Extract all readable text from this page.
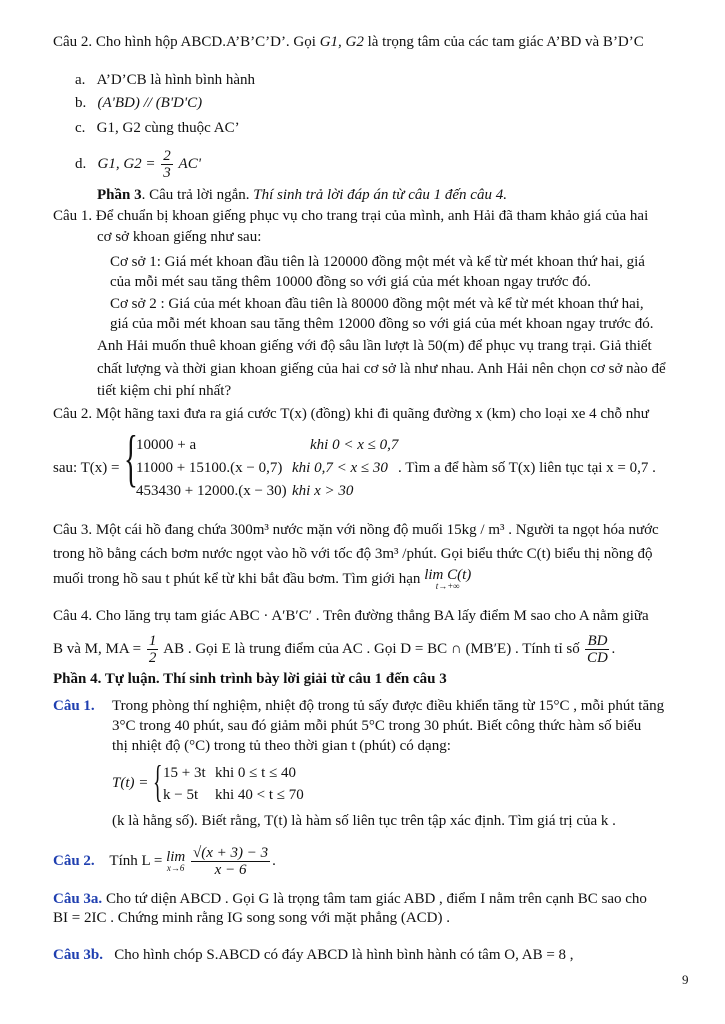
Câu 2. Cho hình hộp ABCD.A’B’C’D’. Gọi G1, G2 là trọng tâm của các tam giác A’BD và B’D’C
a. A’D’CB là hình bình hành
b. (A'BD) // (B'D'C)
c. G1, G2 cùng thuộc AC’
d. G1, $G2 = \frac{2}{3} AC'$
Phần 3. Câu trả lời ngắn. Thí sinh trả lời đáp án từ câu 1 đến câu 4.
Câu 1. Để chuẩn bị khoan giếng phục vụ cho trang trại của mình, anh Hải đã tham khảo giá của hai
cơ sở khoan giếng như sau:
Cơ sở 1: Giá mét khoan đầu tiên là 120000 đồng một mét và kể từ mét khoan thứ hai, giá
của mỗi mét sau tăng thêm 10000 đồng so với giá của mét khoan ngay trước đó.
Cơ sở 2 : Giá của mét khoan đầu tiên là 80000 đồng một mét và kể từ mét khoan thứ hai,
giá của mỗi mét khoan sau tăng thêm 12000 đồng so với giá của mét khoan ngay trước đó.
Anh Hải muốn thuê khoan giếng với độ sâu lần lượt là 50(m) để phục vụ trang trại. Giả thiết
chất lượng và thời gian khoan giếng của hai cơ sở là như nhau. Anh Hải nên chọn cơ sở nào để
tiết kiệm chi phí nhất?
Câu 2. Một hãng taxi đưa ra giá cước T(x) (đồng) khi đi quãng đường x (km) cho loại xe 4 chỗ như
sau: T(x) = {
10000 + a	khi 0 < x ≤ 0,7
11000 + 15100.(x − 0,7) khi 0,7 < x ≤ 30
453430 + 12000.(x − 30) khi x > 30
. Tìm a để hàm số T(x) liên tục tại x = 0,7 .
Câu 3. Một cái hồ đang chứa 300m³ nước mặn với nồng độ muối 15kg / m³ . Người ta ngọt hóa nước
trong hồ bằng cách bơm nước ngọt vào hồ với tốc độ 3m³ /phút. Gọi biểu thức C(t) biểu thị nồng độ
muối trong hồ sau t phút kể từ khi bắt đầu bơm. Tìm giới hạn lim C(t)
t→+∞
Câu 4. Cho lăng trụ tam giác ABC · A′B′C′ . Trên đường thẳng BA lấy điểm M sao cho A nằm giữa
B và M, MA = $\frac{1}{2}$ AB . Gọi E là trung điểm của AC . Gọi D = BC ∩ (MB′E) . Tính tỉ số $\frac{BD}{CD}$ .
Phần 4. Tự luận. Thí sinh trình bày lời giải từ câu 1 đến câu 3
Câu 1. Trong phòng thí nghiệm, nhiệt độ trong tủ sấy được điều khiển tăng từ 15°C , mỗi phút tăng
3°C trong 40 phút, sau đó giảm mỗi phút 5°C trong 30 phút. Biết công thức hàm số biểu
thị nhiệt độ (°C) trong tủ theo thời gian t (phút) có dạng:
T(t) = { 15 + 3t khi 0 ≤ t ≤ 40
k − 5t khi 40 < t ≤ 70
(k là hằng số). Biết rằng, T(t) là hàm số liên tục trên tập xác định. Tìm giá trị của k .
Câu 2. Tính L = lim
x→6
$\frac{√(x + 3) - 3}{x - 6}$ .
Câu 3a. Cho tứ diện ABCD . Gọi G là trọng tâm tam giác ABD , điểm I nằm trên cạnh BC sao cho
BI = 2IC . Chứng minh rằng IG song song với mặt phẳng (ACD) .
Câu 3b. Cho hình chóp S.ABCD có đáy ABCD là hình bình hành có tâm O, AB = 8 ,
9
